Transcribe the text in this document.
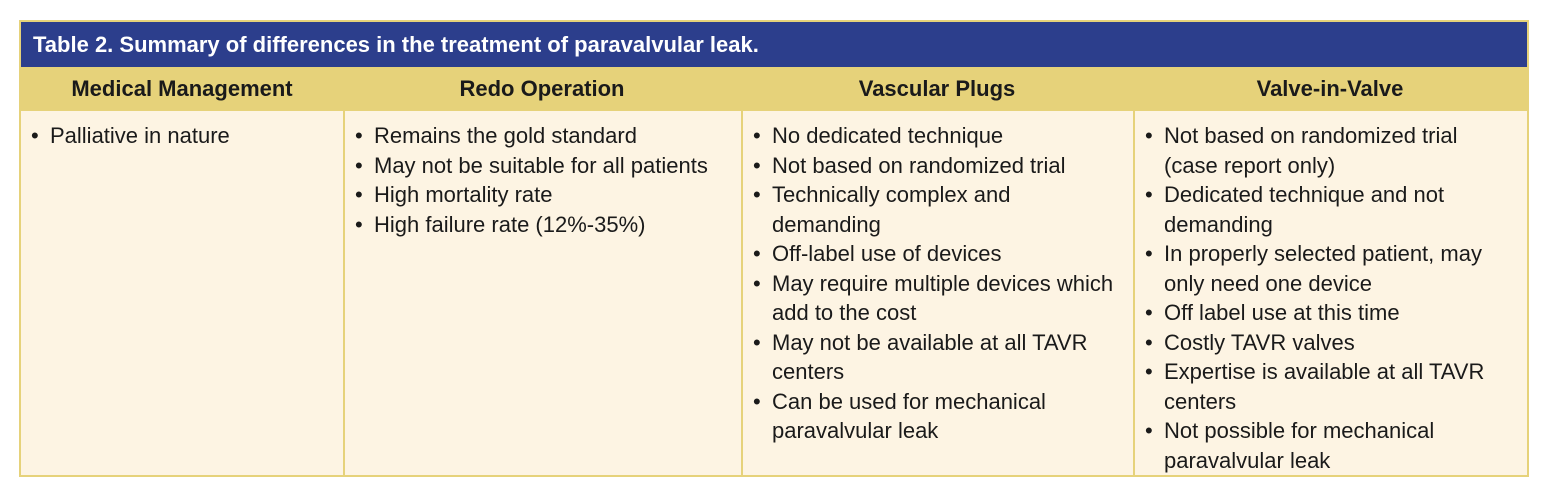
Table 2. Summary of differences in the treatment of paravalvular leak.
Medical Management	Redo Operation	Vascular Plugs	Valve-in-Valve
• Palliative in nature
•	Remains the gold standard
• May not be suitable for all patients
• High mortality rate
• High failure rate (12%-35%)
• No dedicated technique
• Not based on randomized trial
• Technically complex and demanding
• Off-label use of devices
• May require multiple devices which add to the cost
• May not be available at all TAVR centers
• Can be used for mechanical paravalvular leak
• Not based on randomized trial (case report only)
• Dedicated technique and not demanding
• In properly selected patient, may only need one device
• Off label use at this time
• Costly TAVR valves
• Expertise is available at all TAVR centers
• Not possible for mechanical paravalvular leak
